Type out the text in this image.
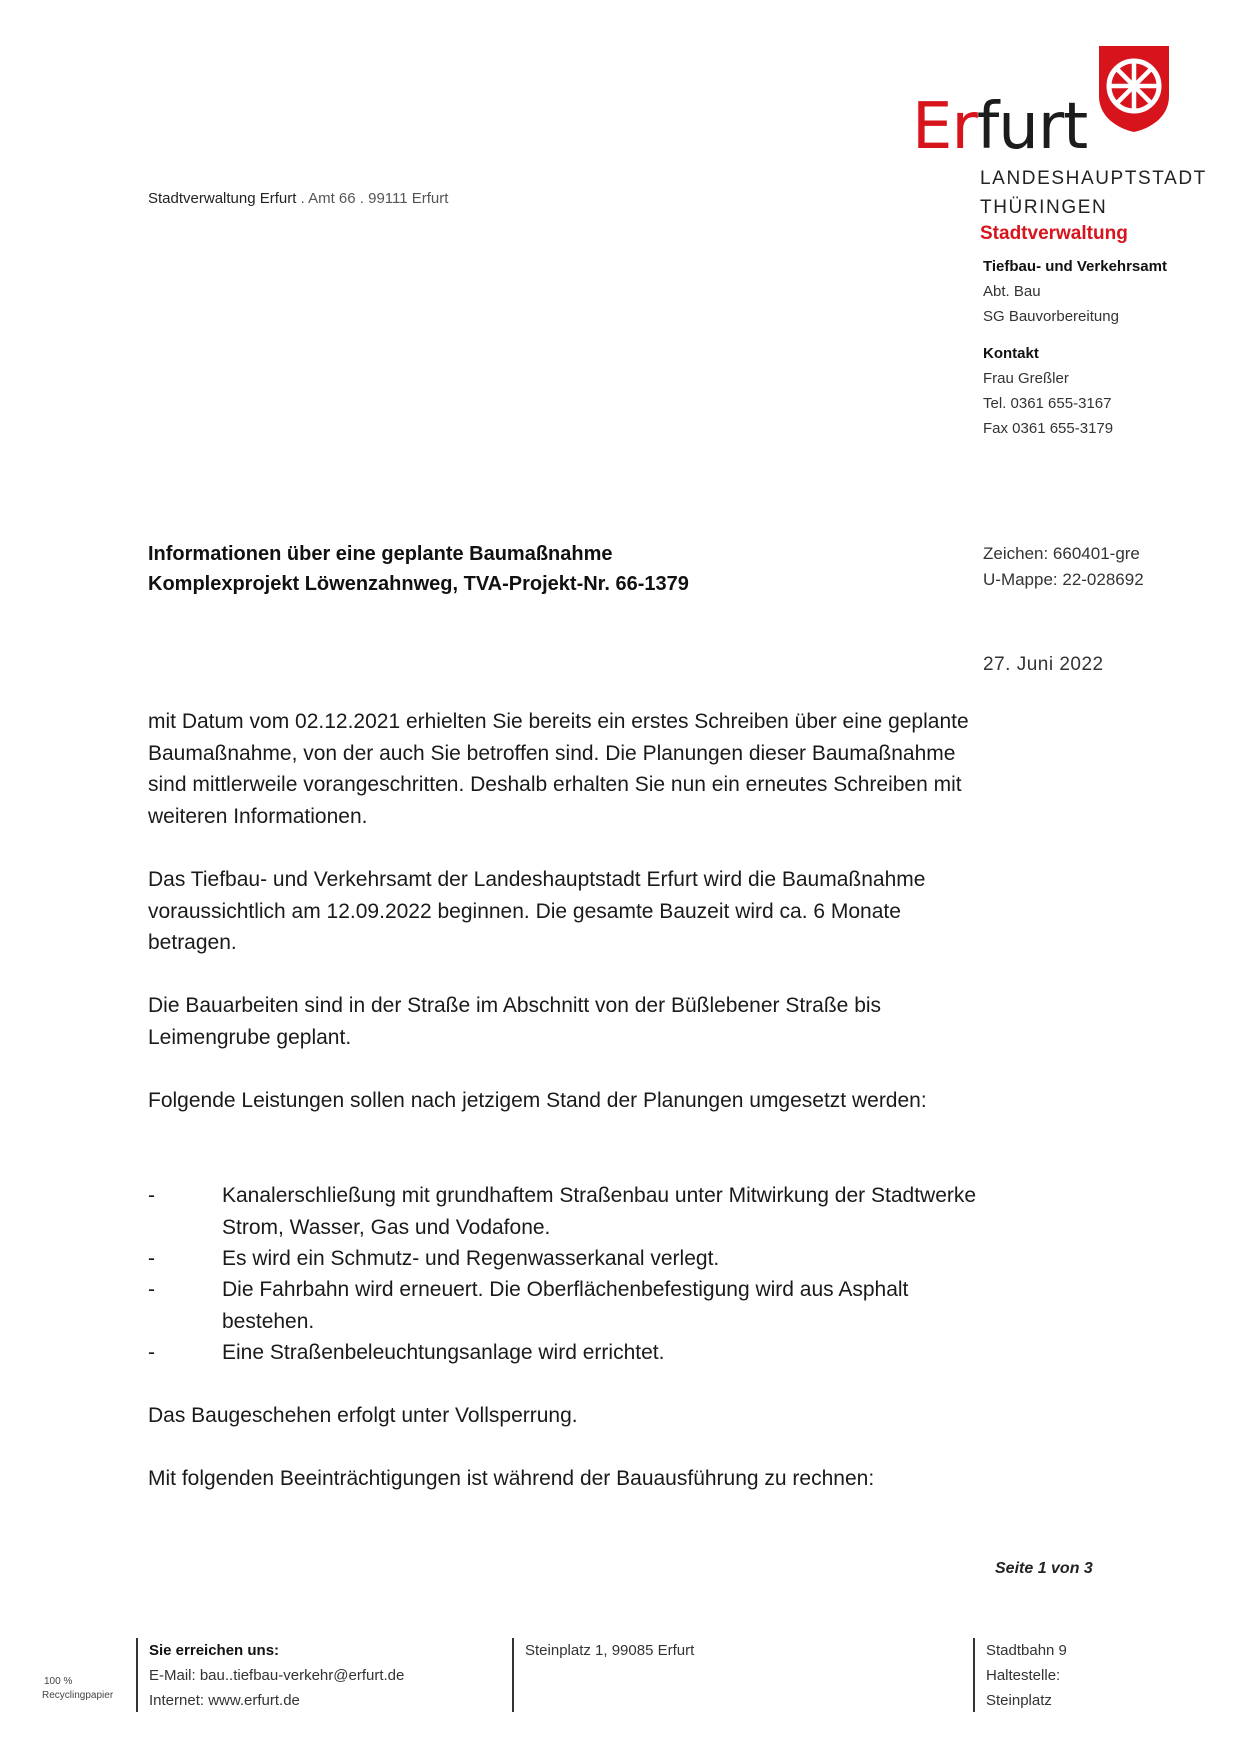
Erfurt
LANDESHAUPTSTADT
THÜRINGEN
Stadtverwaltung
Stadtverwaltung Erfurt . Amt 66 . 99111 Erfurt
Tiefbau- und Verkehrsamt
Abt. Bau
SG Bauvorbereitung
Kontakt
Frau Greßler
Tel. 0361 655-3167
Fax 0361 655-3179
Informationen über eine geplante Baumaßnahme
Komplexprojekt Löwenzahnweg, TVA-Projekt-Nr. 66-1379
Zeichen: 660401-gre
U-Mappe: 22-028692
27. Juni 2022

mit Datum vom 02.12.2021 erhielten Sie bereits ein erstes Schreiben über eine geplante Baumaßnahme, von der auch Sie betroffen sind. Die Planungen dieser Baumaßnahme sind mittlerweile vorangeschritten. Deshalb erhalten Sie nun ein erneutes Schreiben mit weiteren Informationen.

Das Tiefbau- und Verkehrsamt der Landeshauptstadt Erfurt wird die Baumaßnahme voraussichtlich am 12.09.2022 beginnen. Die gesamte Bauzeit wird ca. 6 Monate betragen.

Die Bauarbeiten sind in der Straße im Abschnitt von der Büßlebener Straße bis Leimengrube geplant.

Folgende Leistungen sollen nach jetzigem Stand der Planungen umgesetzt werden:

-	Kanalerschließung mit grundhaftem Straßenbau unter Mitwirkung der Stadtwerke Strom, Wasser, Gas und Vodafone.
-	Es wird ein Schmutz- und Regenwasserkanal verlegt.
-	Die Fahrbahn wird erneuert. Die Oberflächenbefestigung wird aus Asphalt bestehen.
-	Eine Straßenbeleuchtungsanlage wird errichtet.

Das Baugeschehen erfolgt unter Vollsperrung.

Mit folgenden Beeinträchtigungen ist während der Bauausführung zu rechnen:

Seite 1 von 3
100 %
Recyclingpapier
Sie erreichen uns:
E-Mail: bau..tiefbau-verkehr@erfurt.de
Internet: www.erfurt.de
Steinplatz 1, 99085 Erfurt	Stadtbahn 9
Haltestelle:
Steinplatz
